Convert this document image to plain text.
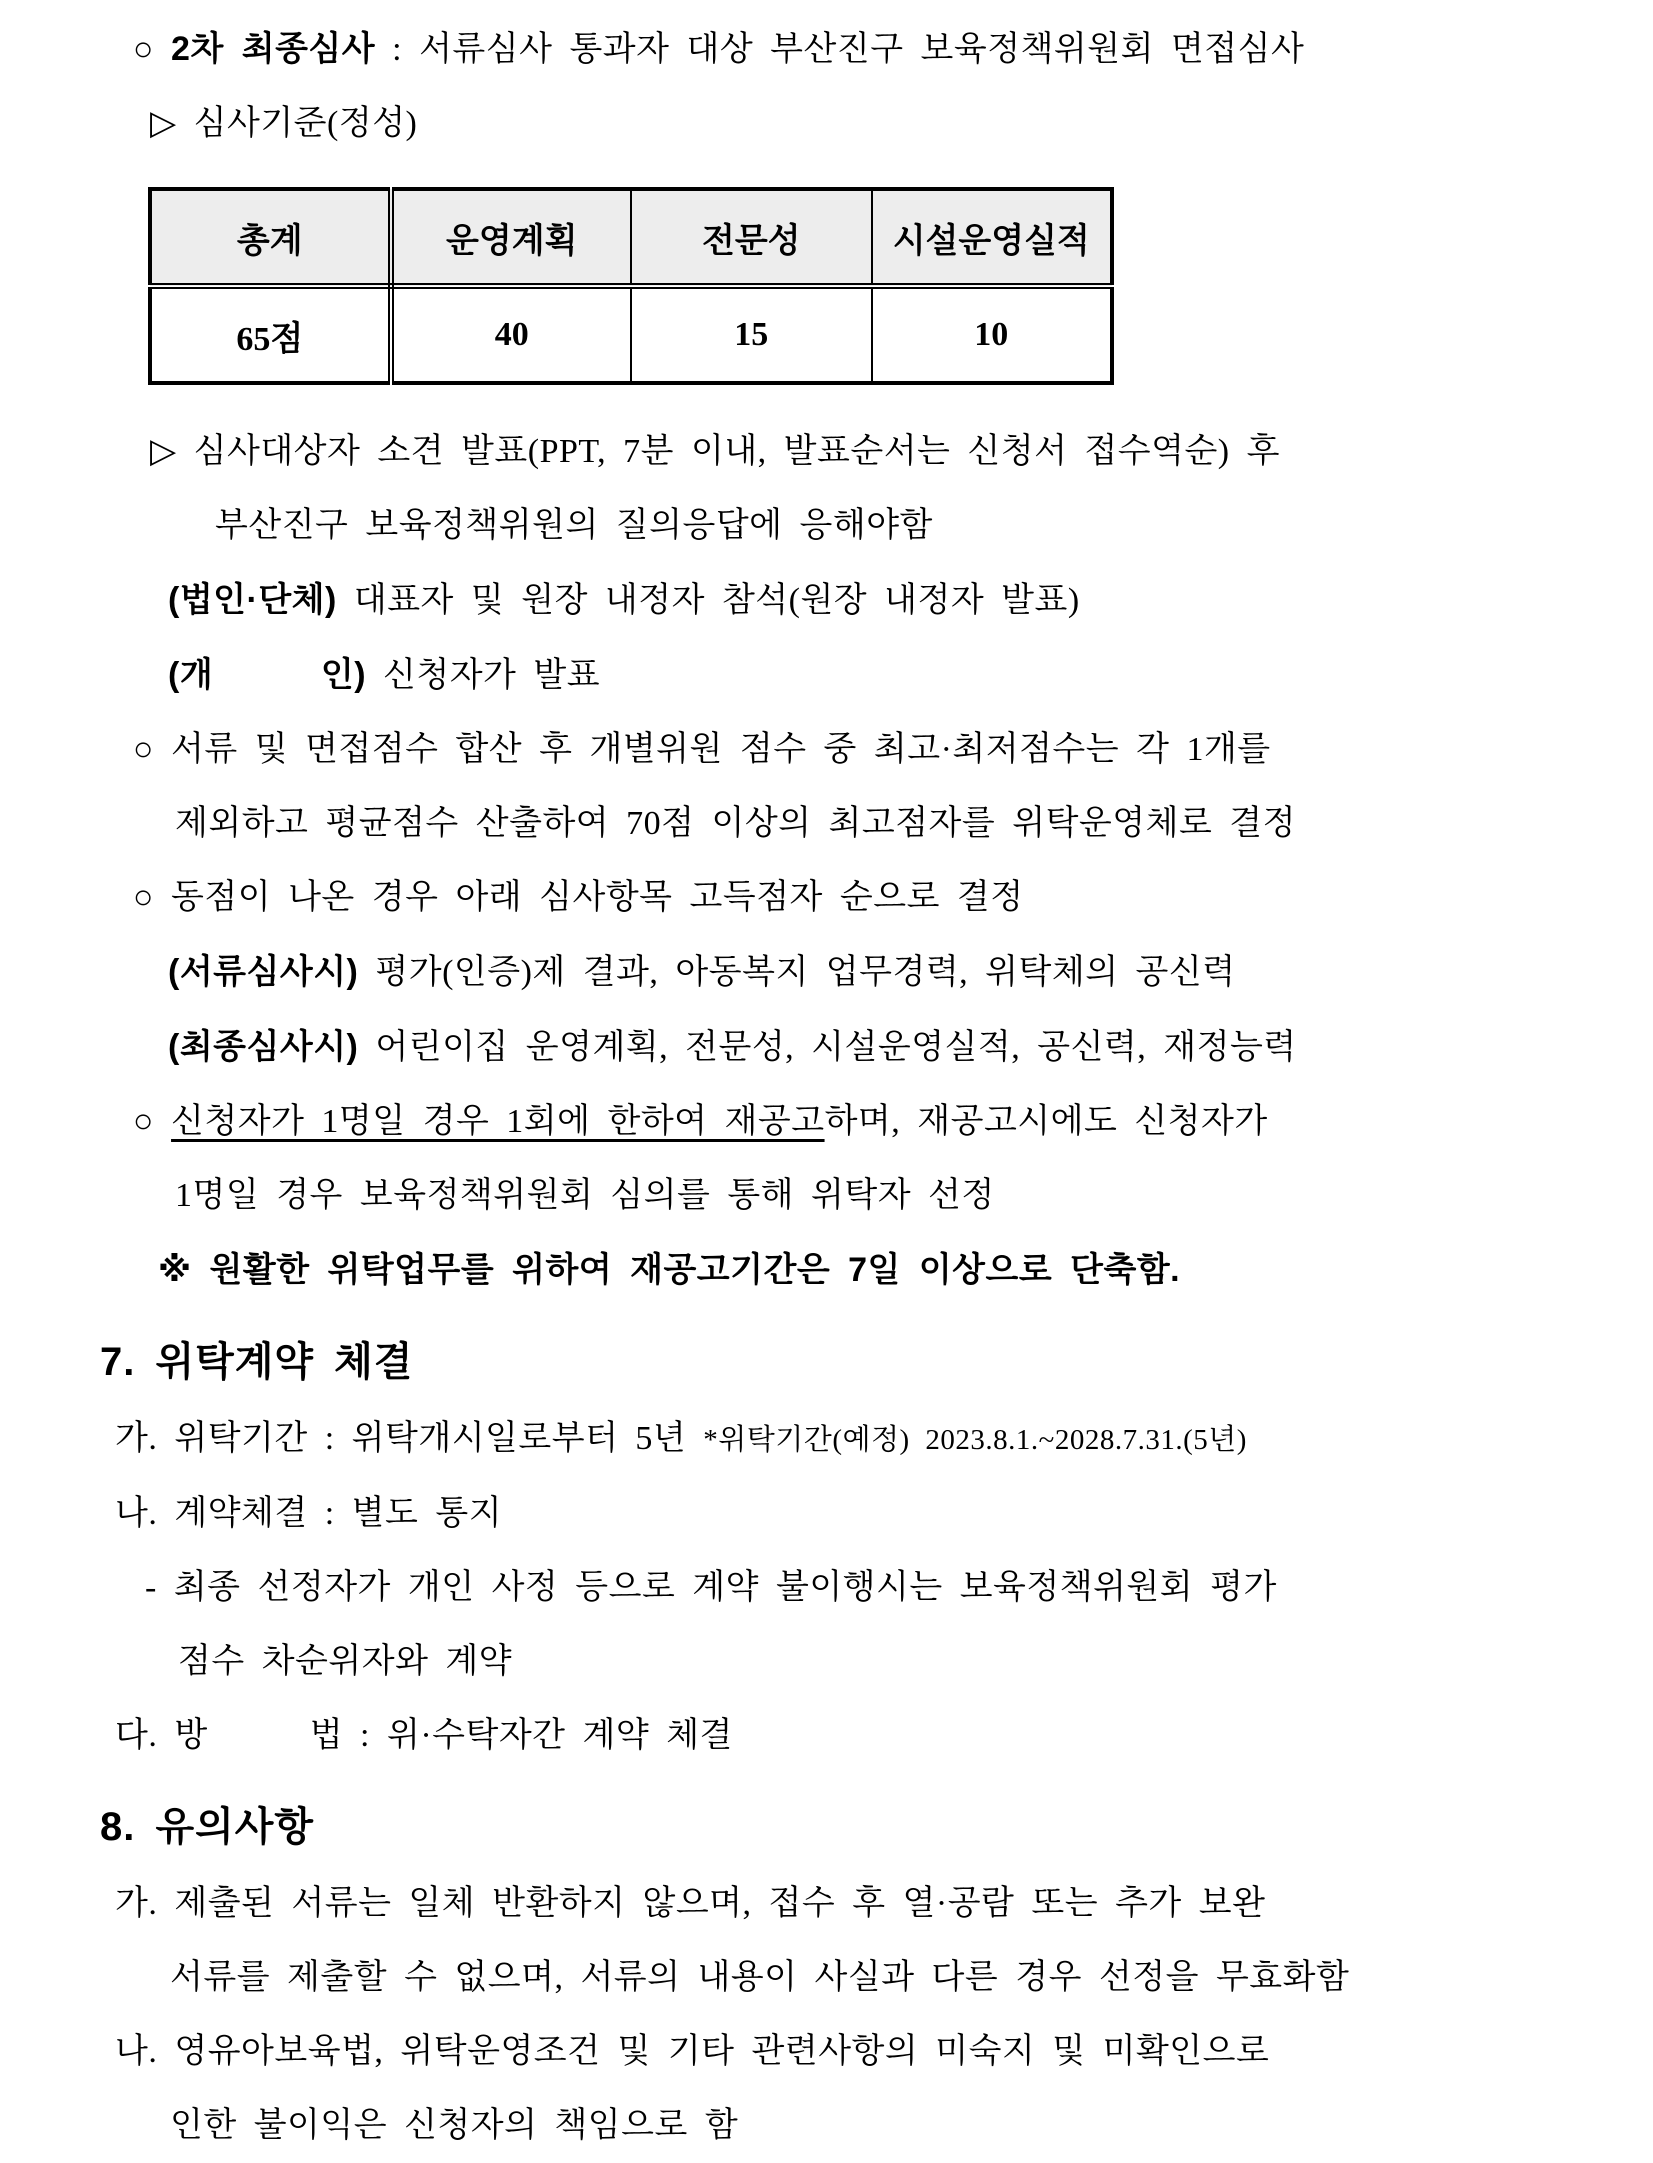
○ 2차 최종심사 : 서류심사 통과자 대상 부산진구 보육정책위원회 면접심사
▷ 심사기준(정성)
총계	운영계획	전문성	시설운영실적
65점	40	15	10
▷ 심사대상자 소견 발표(PPT, 7분 이내, 발표순서는 신청서 접수역순) 후
부산진구 보육정책위원의 질의응답에 응해야함
(법인·단체) 대표자 및 원장 내정자 참석(원장 내정자 발표)
(개      인) 신청자가 발표
○ 서류 및 면접점수 합산 후 개별위원 점수 중 최고·최저점수는 각 1개를
제외하고 평균점수 산출하여 70점 이상의 최고점자를 위탁운영체로 결정
○ 동점이 나온 경우 아래 심사항목 고득점자 순으로 결정
(서류심사시) 평가(인증)제 결과, 아동복지 업무경력, 위탁체의 공신력
(최종심사시) 어린이집 운영계획, 전문성, 시설운영실적, 공신력, 재정능력
○ 신청자가 1명일 경우 1회에 한하여 재공고하며, 재공고시에도 신청자가
1명일 경우 보육정책위원회 심의를 통해 위탁자 선정
※ 원활한 위탁업무를 위하여 재공고기간은 7일 이상으로 단축함.
7. 위탁계약 체결
가. 위탁기간 : 위탁개시일로부터 5년 *위탁기간(예정) 2023.8.1.~2028.7.31.(5년)
나. 계약체결 : 별도 통지
- 최종 선정자가 개인 사정 등으로 계약 불이행시는 보육정책위원회 평가
점수 차순위자와 계약
다. 방      법 : 위·수탁자간 계약 체결
8. 유의사항
가. 제출된 서류는 일체 반환하지 않으며, 접수 후 열·공람 또는 추가 보완
서류를 제출할 수 없으며, 서류의 내용이 사실과 다른 경우 선정을 무효화함
나. 영유아보육법, 위탁운영조건 및 기타 관련사항의 미숙지 및 미확인으로
인한 불이익은 신청자의 책임으로 함
